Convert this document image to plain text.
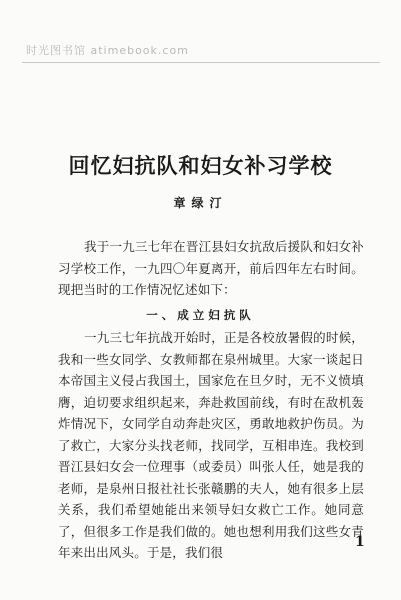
时光图书馆 atimebook.com
回忆妇抗队和妇女补习学校
章绿汀
我于一九三七年在晋江县妇女抗敌后援队和妇女补习学校工作，一九四〇年夏离开，前后四年左右时间。现把当时的工作情况忆述如下：
一、成立妇抗队
一九三七年抗战开始时，正是各校放暑假的时候，我和一些女同学、女教师都在泉州城里。大家一谈起日本帝国主义侵占我国土，国家危在旦夕时，无不义愤填膺，迫切要求组织起来，奔赴救国前线，有时在敌机轰炸情况下，女同学自动奔赴灾区，勇敢地救护伤员。为了救亡，大家分头找老师，找同学，互相串连。我校到晋江县妇女会一位理事（或委员）叫张人任，她是我的老师，是泉州日报社社长张赣鹏的夫人，她有很多上层关系，我们希望她能出来领导妇女救亡工作。她同意了，但很多工作是我们做的。她也想利用我们这些女青年来出出风头。于是，我们很
1
